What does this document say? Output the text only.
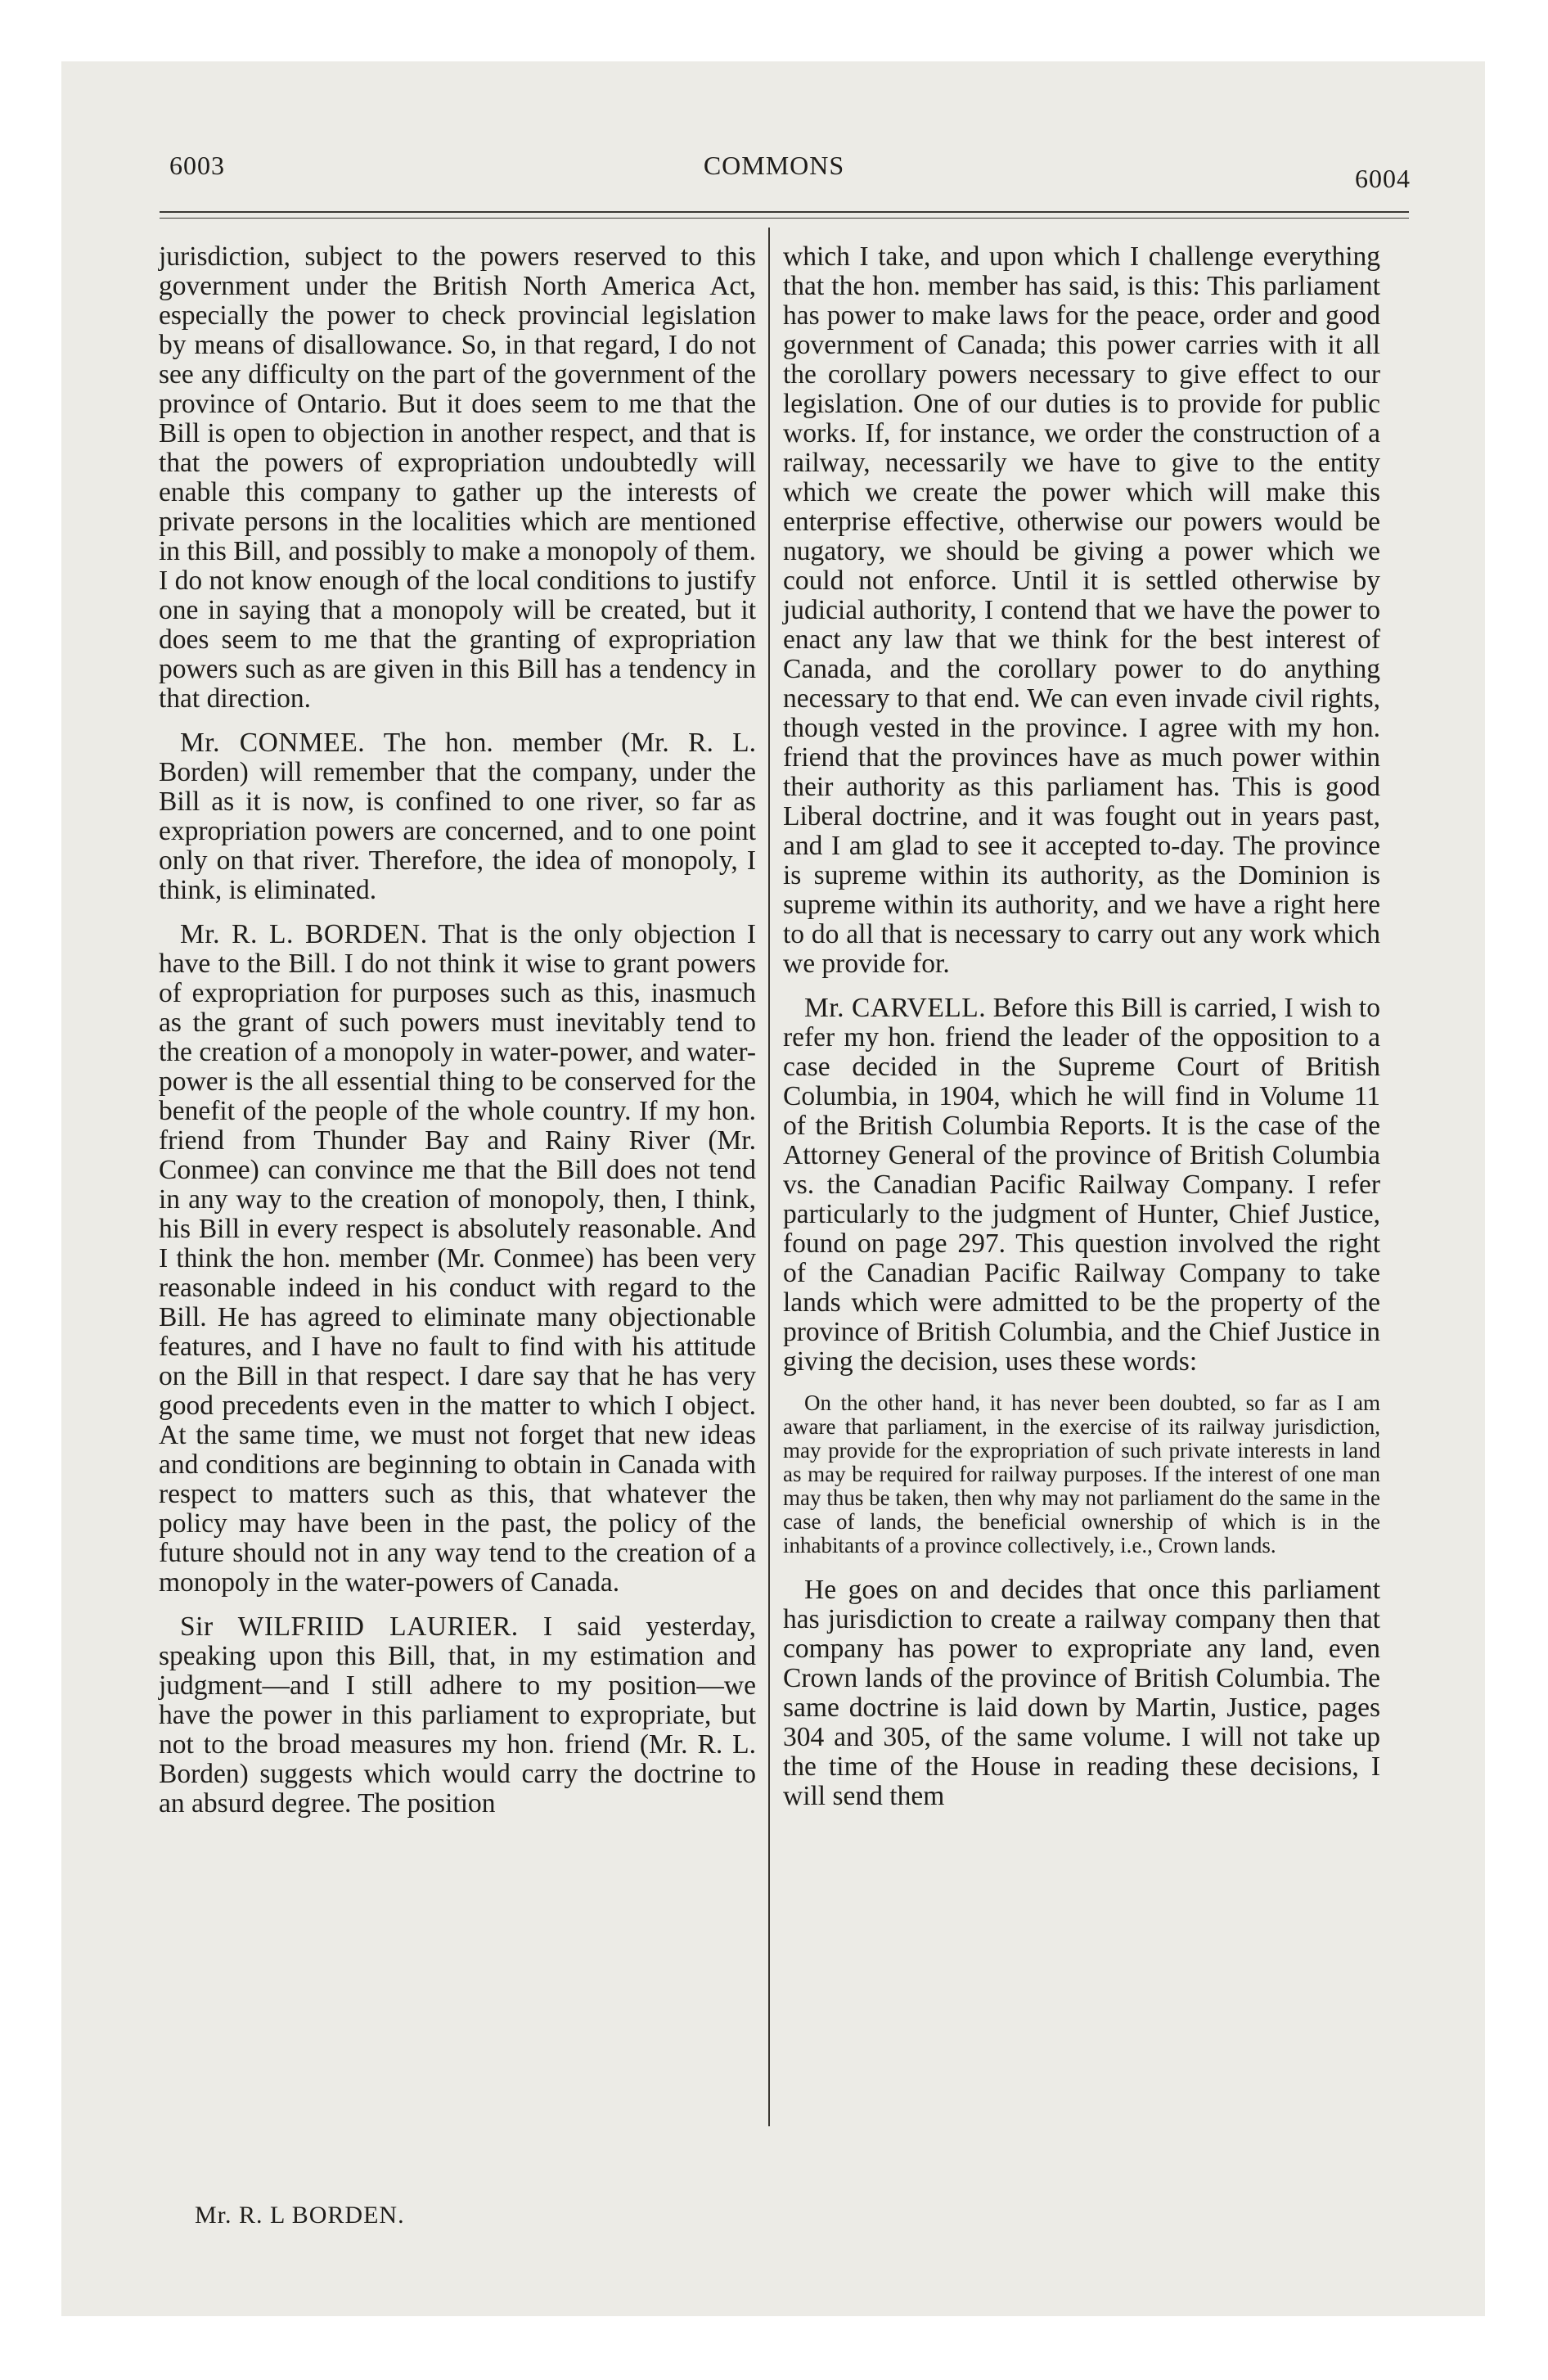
6003	COMMONS	6004

jurisdiction, subject to the powers reserved to this government under the British North America Act, especially the power to check provincial legislation by means of disallowance. So, in that regard, I do not see any difficulty on the part of the government of the province of Ontario. But it does seem to me that the Bill is open to objection in another respect, and that is that the powers of expropriation undoubtedly will enable this company to gather up the interests of private persons in the localities which are mentioned in this Bill, and possibly to make a monopoly of them. I do not know enough of the local conditions to justify one in saying that a monopoly will be created, but it does seem to me that the granting of expropriation powers such as are given in this Bill has a tendency in that direction.

Mr. CONMEE. The hon. member (Mr. R. L. Borden) will remember that the company, under the Bill as it is now, is confined to one river, so far as expropriation powers are concerned, and to one point only on that river. Therefore, the idea of monopoly, I think, is eliminated.

Mr. R. L. BORDEN. That is the only objection I have to the Bill. I do not think it wise to grant powers of expropriation for purposes such as this, inasmuch as the grant of such powers must inevitably tend to the creation of a monopoly in water-power, and water-power is the all essential thing to be conserved for the benefit of the people of the whole country. If my hon. friend from Thunder Bay and Rainy River (Mr. Conmee) can convince me that the Bill does not tend in any way to the creation of monopoly, then, I think, his Bill in every respect is absolutely reasonable. And I think the hon. member (Mr. Conmee) has been very reasonable indeed in his conduct with regard to the Bill. He has agreed to eliminate many objectionable features, and I have no fault to find with his attitude on the Bill in that respect. I dare say that he has very good precedents even in the matter to which I object. At the same time, we must not forget that new ideas and conditions are beginning to obtain in Canada with respect to matters such as this, that whatever the policy may have been in the past, the policy of the future should not in any way tend to the creation of a monopoly in the water-powers of Canada.

Sir WILFRIID LAURIER. I said yesterday, speaking upon this Bill, that, in my estimation and judgment—and I still adhere to my position—we have the power in this parliament to expropriate, but not to the broad measures my hon. friend (Mr. R. L. Borden) suggests which would carry the doctrine to an absurd degree. The position

which I take, and upon which I challenge everything that the hon. member has said, is this: This parliament has power to make laws for the peace, order and good government of Canada; this power carries with it all the corollary powers necessary to give effect to our legislation. One of our duties is to provide for public works. If, for instance, we order the construction of a railway, necessarily we have to give to the entity which we create the power which will make this enterprise effective, otherwise our powers would be nugatory, we should be giving a power which we could not enforce. Until it is settled otherwise by judicial authority, I contend that we have the power to enact any law that we think for the best interest of Canada, and the corollary power to do anything necessary to that end. We can even invade civil rights, though vested in the province. I agree with my hon. friend that the provinces have as much power within their authority as this parliament has. This is good Liberal doctrine, and it was fought out in years past, and I am glad to see it accepted to-day. The province is supreme within its authority, as the Dominion is supreme within its authority, and we have a right here to do all that is necessary to carry out any work which we provide for.

Mr. CARVELL. Before this Bill is carried, I wish to refer my hon. friend the leader of the opposition to a case decided in the Supreme Court of British Columbia, in 1904, which he will find in Volume 11 of the British Columbia Reports. It is the case of the Attorney General of the province of British Columbia vs. the Canadian Pacific Railway Company. I refer particularly to the judgment of Hunter, Chief Justice, found on page 297. This question involved the right of the Canadian Pacific Railway Company to take lands which were admitted to be the property of the province of British Columbia, and the Chief Justice in giving the decision, uses these words:

On the other hand, it has never been doubted, so far as I am aware that parliament, in the exercise of its railway jurisdiction, may provide for the expropriation of such private interests in land as may be required for railway purposes. If the interest of one man may thus be taken, then why may not parliament do the same in the case of lands, the beneficial ownership of which is in the inhabitants of a province collectively, i.e., Crown lands.

He goes on and decides that once this parliament has jurisdiction to create a railway company then that company has power to expropriate any land, even Crown lands of the province of British Columbia. The same doctrine is laid down by Martin, Justice, pages 304 and 305, of the same volume. I will not take up the time of the House in reading these decisions, I will send them

Mr. R. L BORDEN.
